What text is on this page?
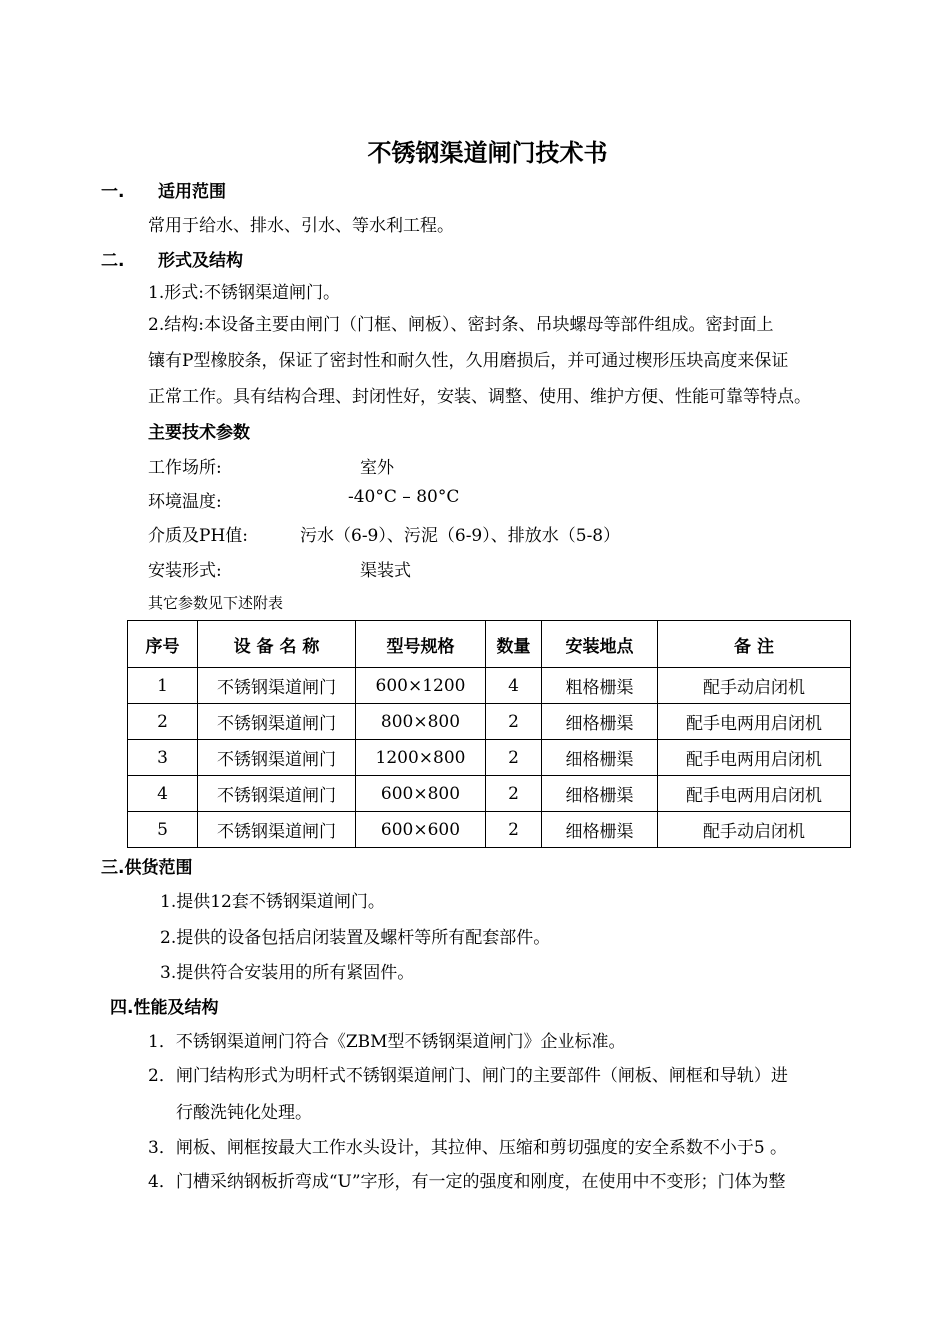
不锈钢渠道闸门技术书
一. 适用范围
常用于给水、排水、引水、等水利工程。
二. 形式及结构
1.形式:不锈钢渠道闸门。
2.结构:本设备主要由闸门（门框、闸板）、密封条、吊块螺母等部件组成。密封面上
镶有P型橡胶条，保证了密封性和耐久性，久用磨损后，并可通过楔形压块高度来保证
正常工作。具有结构合理、封闭性好，安装、调整、使用、维护方便、性能可靠等特点。
主要技术参数
工作场所:	室外
环境温度:	-40°C – 80°C
介质及PH值:	污水（6-9）、污泥（6-9）、排放水（5-8）
安装形式:	渠装式
其它参数见下述附表
序号	设 备 名 称	型号规格	数量	安装地点	备 注
1	不锈钢渠道闸门	600×1200	4	粗格栅渠	配手动启闭机
2	不锈钢渠道闸门	800×800	2	细格栅渠	配手电两用启闭机
3	不锈钢渠道闸门	1200×800	2	细格栅渠	配手电两用启闭机
4	不锈钢渠道闸门	600×800	2	细格栅渠	配手电两用启闭机
5	不锈钢渠道闸门	600×600	2	细格栅渠	配手动启闭机
三.供货范围
1.提供12套不锈钢渠道闸门。
2.提供的设备包括启闭装置及螺杆等所有配套部件。
3.提供符合安装用的所有紧固件。
四.性能及结构
1．不锈钢渠道闸门符合《ZBM型不锈钢渠道闸门》企业标准。
2．闸门结构形式为明杆式不锈钢渠道闸门、闸门的主要部件（闸板、闸框和导轨）进
行酸洗钝化处理。
3．闸板、闸框按最大工作水头设计，其拉伸、压缩和剪切强度的安全系数不小于5 。
4．门槽采纳钢板折弯成“U”字形，有一定的强度和刚度，在使用中不变形；门体为整
